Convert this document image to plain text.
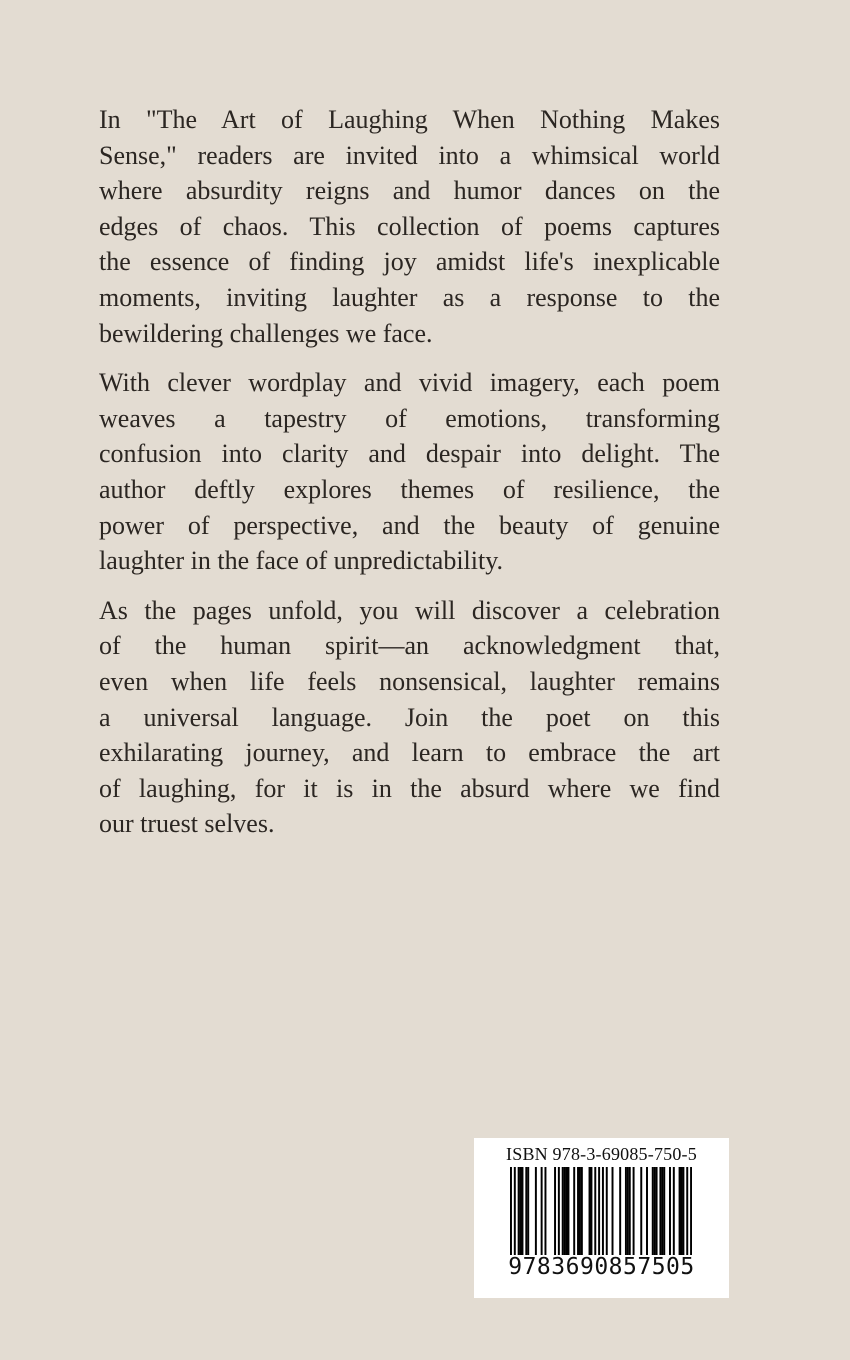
In "The Art of Laughing When Nothing Makes
Sense," readers are invited into a whimsical world
where absurdity reigns and humor dances on the
edges of chaos. This collection of poems captures
the essence of finding joy amidst life's inexplicable
moments, inviting laughter as a response to the
bewildering challenges we face.

With clever wordplay and vivid imagery, each poem
weaves a tapestry of emotions, transforming
confusion into clarity and despair into delight. The
author deftly explores themes of resilience, the
power of perspective, and the beauty of genuine
laughter in the face of unpredictability.

As the pages unfold, you will discover a celebration
of the human spirit—an acknowledgment that,
even when life feels nonsensical, laughter remains
a universal language. Join the poet on this
exhilarating journey, and learn to embrace the art
of laughing, for it is in the absurd where we find
our truest selves.

ISBN 978-3-69085-750-5
9783690857505
